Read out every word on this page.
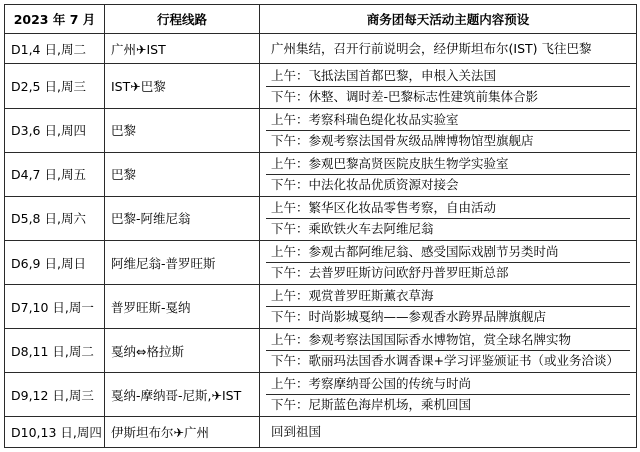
2023 年 7 月	行程线路	商务团每天活动主题内容预设
D1,4 日,周二	广州✈IST	广州集结，召开行前说明会，经伊斯坦布尔(IST) 飞往巴黎

D2,5 日,周三	IST✈巴黎	上午：飞抵法国首都巴黎，申根入关法国
下午：休整、调时差-巴黎标志性建筑前集体合影

D3,6 日,周四	巴黎	上午：考察科瑞色缇化妆品实验室
下午：参观考察法国骨灰级品牌博物馆型旗舰店

D4,7 日,周五	巴黎	上午：参观巴黎高贤医院皮肤生物学实验室
下午：中法化妆品优质资源对接会

D5,8 日,周六	巴黎-阿维尼翁	上午：繁华区化妆品零售考察，自由活动
下午：乘欧铁火车去阿维尼翁

D6,9 日,周日	阿维尼翁-普罗旺斯	上午：参观古都阿维尼翁、感受国际戏剧节另类时尚
下午：去普罗旺斯访问欧舒丹普罗旺斯总部

D7,10 日,周一	普罗旺斯-戛纳	上午：观赏普罗旺斯薰衣草海
下午：时尚影城戛纳——参观香水跨界品牌旗舰店

D8,11 日,周二	戛纳⇔格拉斯	上午：参观考察法国国际香水博物馆，赏全球名牌实物
下午：歌丽玛法国香水调香课+学习评鉴颁证书（或业务洽谈）

D9,12 日,周三	戛纳-摩纳哥-尼斯,✈IST	上午：考察摩纳哥公国的传统与时尚
下午：尼斯蓝色海岸机场，乘机回国

D10,13 日,周四	伊斯坦布尔✈广州	回到祖国
